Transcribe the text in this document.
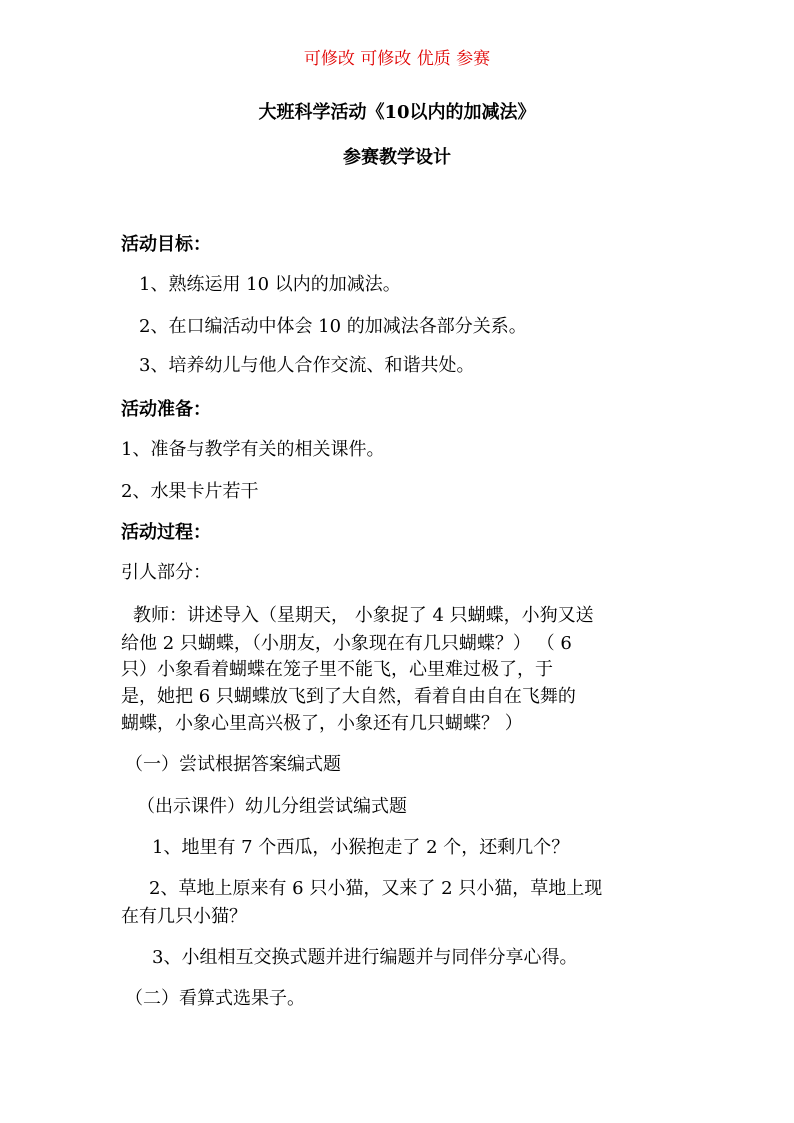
可修改 可修改 优质 参赛
大班科学活动《10以内的加减法》
参赛教学设计
活动目标：
1、熟练运用 10 以内的加减法。
2、在口编活动中体会 10 的加减法各部分关系。
3、培养幼儿与他人合作交流、和谐共处。
活动准备：
1、准备与教学有关的相关课件。
2、水果卡片若干
活动过程：
引人部分：
教师：讲述导入（星期天， 小象捉了 4 只蝴蝶，小狗又送
给他 2 只蝴蝶，（小朋友，小象现在有几只蝴蝶？） （ 6
只）小象看着蝴蝶在笼子里不能飞，心里难过极了，于
是，她把 6 只蝴蝶放飞到了大自然，看着自由自在飞舞的
蝴蝶，小象心里高兴极了，小象还有几只蝴蝶？ ）
（一）尝试根据答案编式题
（出示课件）幼儿分组尝试编式题
1、地里有 7 个西瓜，小猴抱走了 2 个，还剩几个？
2、草地上原来有 6 只小猫，又来了 2 只小猫，草地上现
在有几只小猫？
3、小组相互交换式题并进行编题并与同伴分享心得。
（二）看算式选果子。
